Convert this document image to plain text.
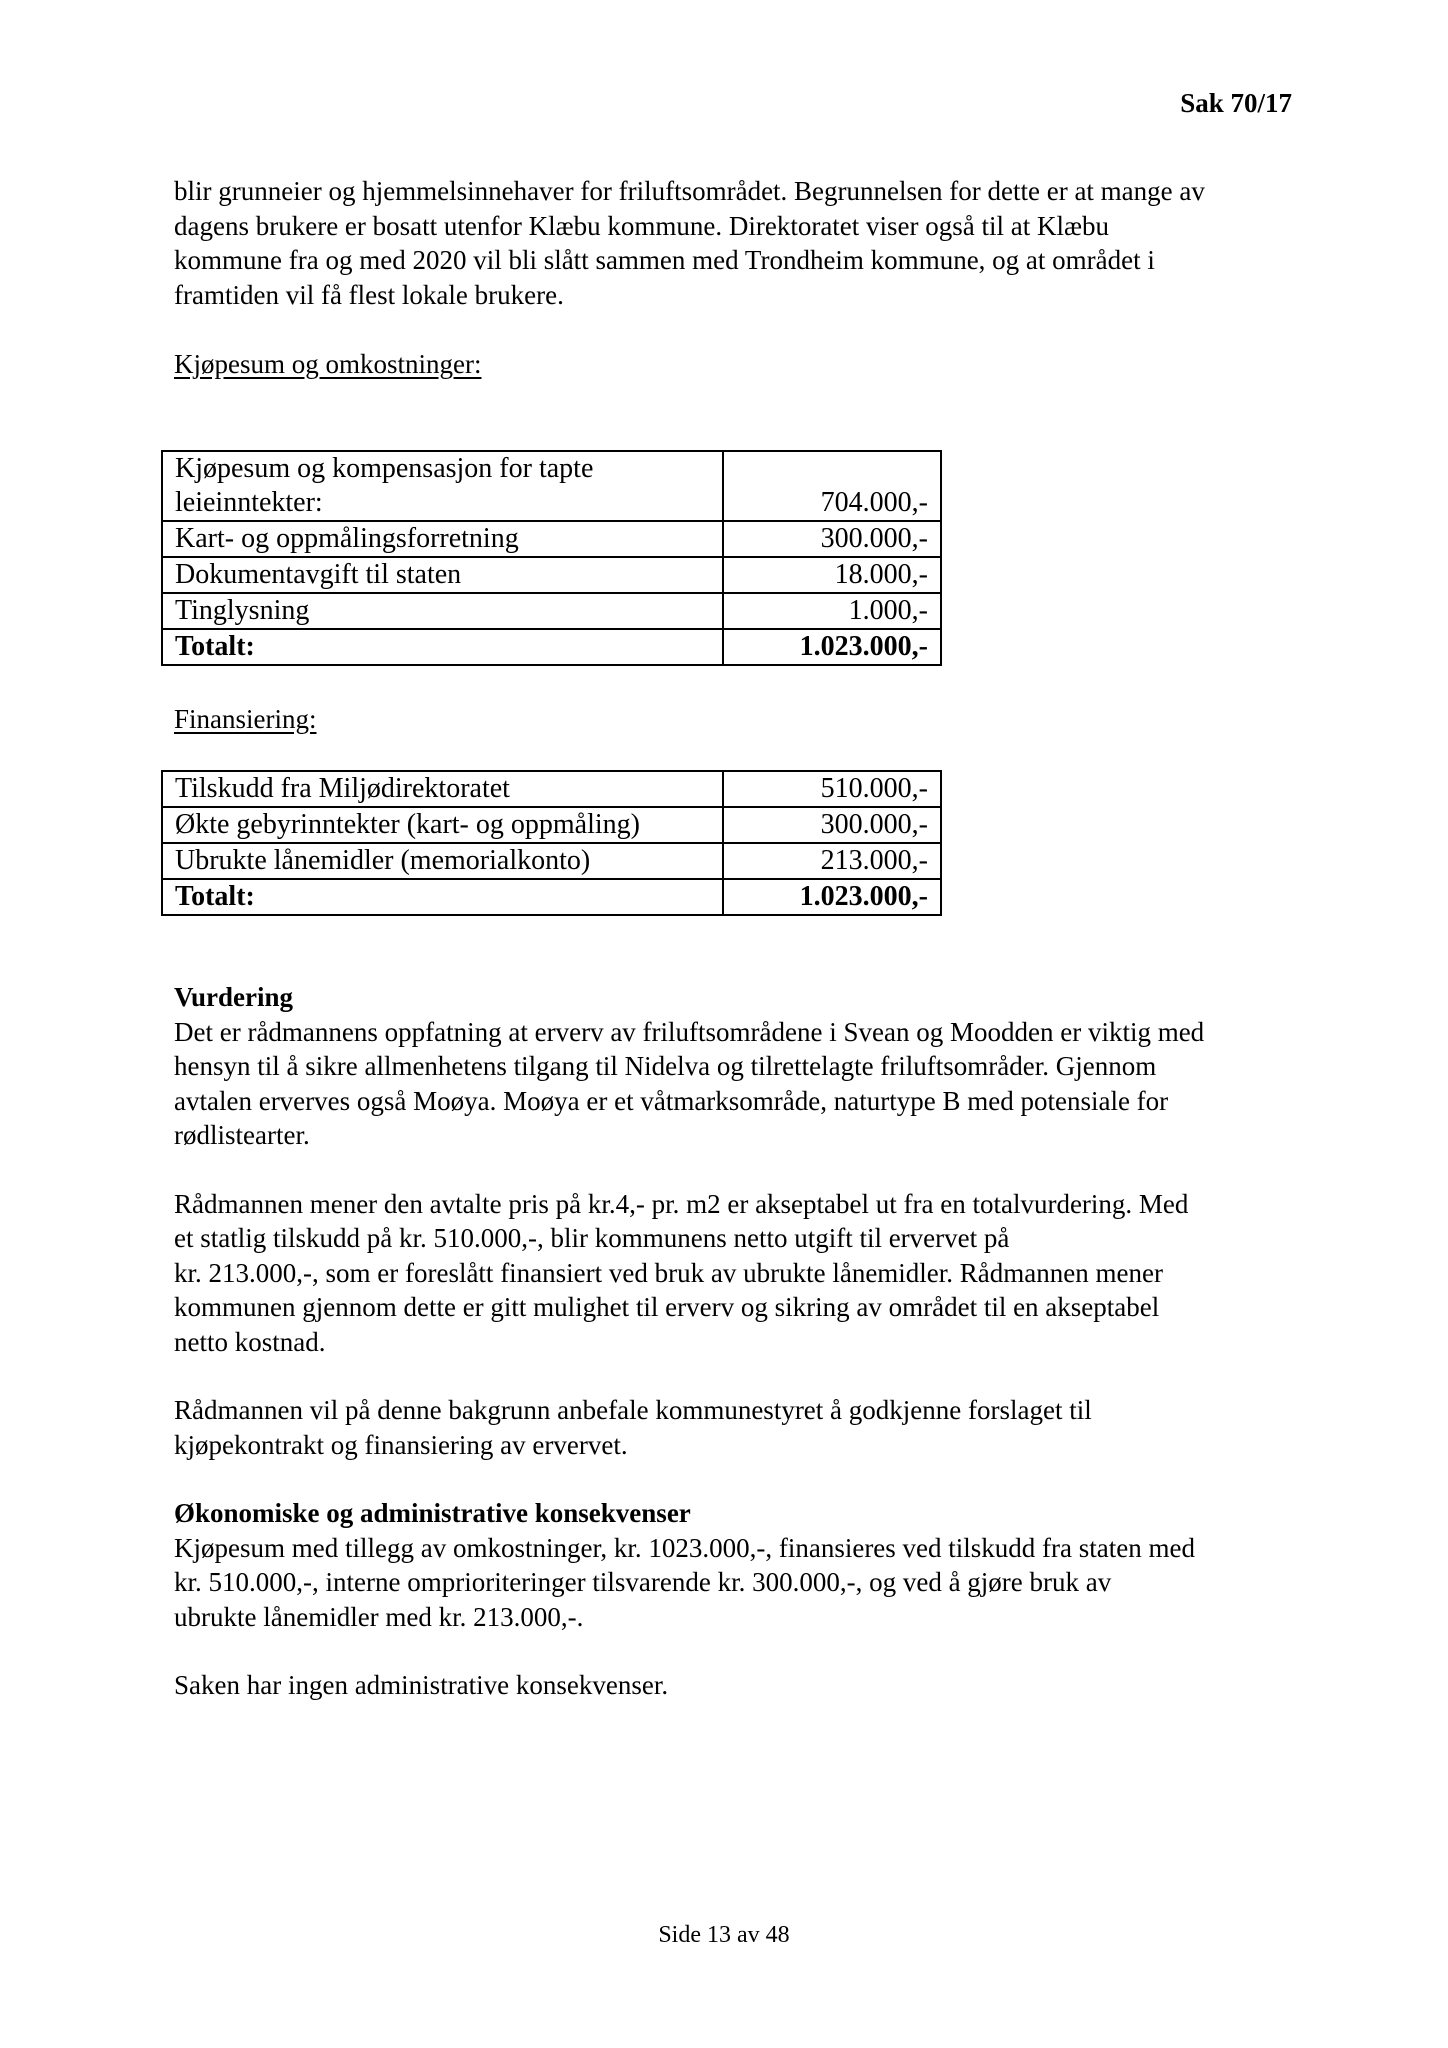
Sak 70/17

blir grunneier og hjemmelsinnehaver for friluftsområdet. Begrunnelsen for dette er at mange av
dagens brukere er bosatt utenfor Klæbu kommune. Direktoratet viser også til at Klæbu
kommune fra og med 2020 vil bli slått sammen med Trondheim kommune, og at området i
framtiden vil få flest lokale brukere.

Kjøpesum og omkostninger:

Kjøpesum og kompensasjon for tapte
leieinntekter:	704.000,-
Kart- og oppmålingsforretning	300.000,-
Dokumentavgift til staten	18.000,-
Tinglysning	1.000,-
Totalt:	1.023.000,-

Finansiering:

Tilskudd fra Miljødirektoratet	510.000,-
Økte gebyrinntekter (kart- og oppmåling)	300.000,-
Ubrukte lånemidler (memorialkonto)	213.000,-
Totalt:	1.023.000,-

Vurdering

Det er rådmannens oppfatning at erverv av friluftsområdene i Svean og Moodden er viktig med
hensyn til å sikre allmenhetens tilgang til Nidelva og tilrettelagte friluftsområder. Gjennom
avtalen erverves også Moøya. Moøya er et våtmarksområde, naturtype B med potensiale for
rødlistearter.

Rådmannen mener den avtalte pris på kr.4,- pr. m2 er akseptabel ut fra en totalvurdering. Med
et statlig tilskudd på kr. 510.000,-, blir kommunens netto utgift til ervervet på
kr. 213.000,-, som er foreslått finansiert ved bruk av ubrukte lånemidler. Rådmannen mener
kommunen gjennom dette er gitt mulighet til erverv og sikring av området til en akseptabel
netto kostnad.

Rådmannen vil på denne bakgrunn anbefale kommunestyret å godkjenne forslaget til
kjøpekontrakt og finansiering av ervervet.

Økonomiske og administrative konsekvenser

Kjøpesum med tillegg av omkostninger, kr. 1023.000,-, finansieres ved tilskudd fra staten med
kr. 510.000,-, interne omprioriteringer tilsvarende kr. 300.000,-, og ved å gjøre bruk av
ubrukte lånemidler med kr. 213.000,-.

Saken har ingen administrative konsekvenser.

Side 13 av 48
